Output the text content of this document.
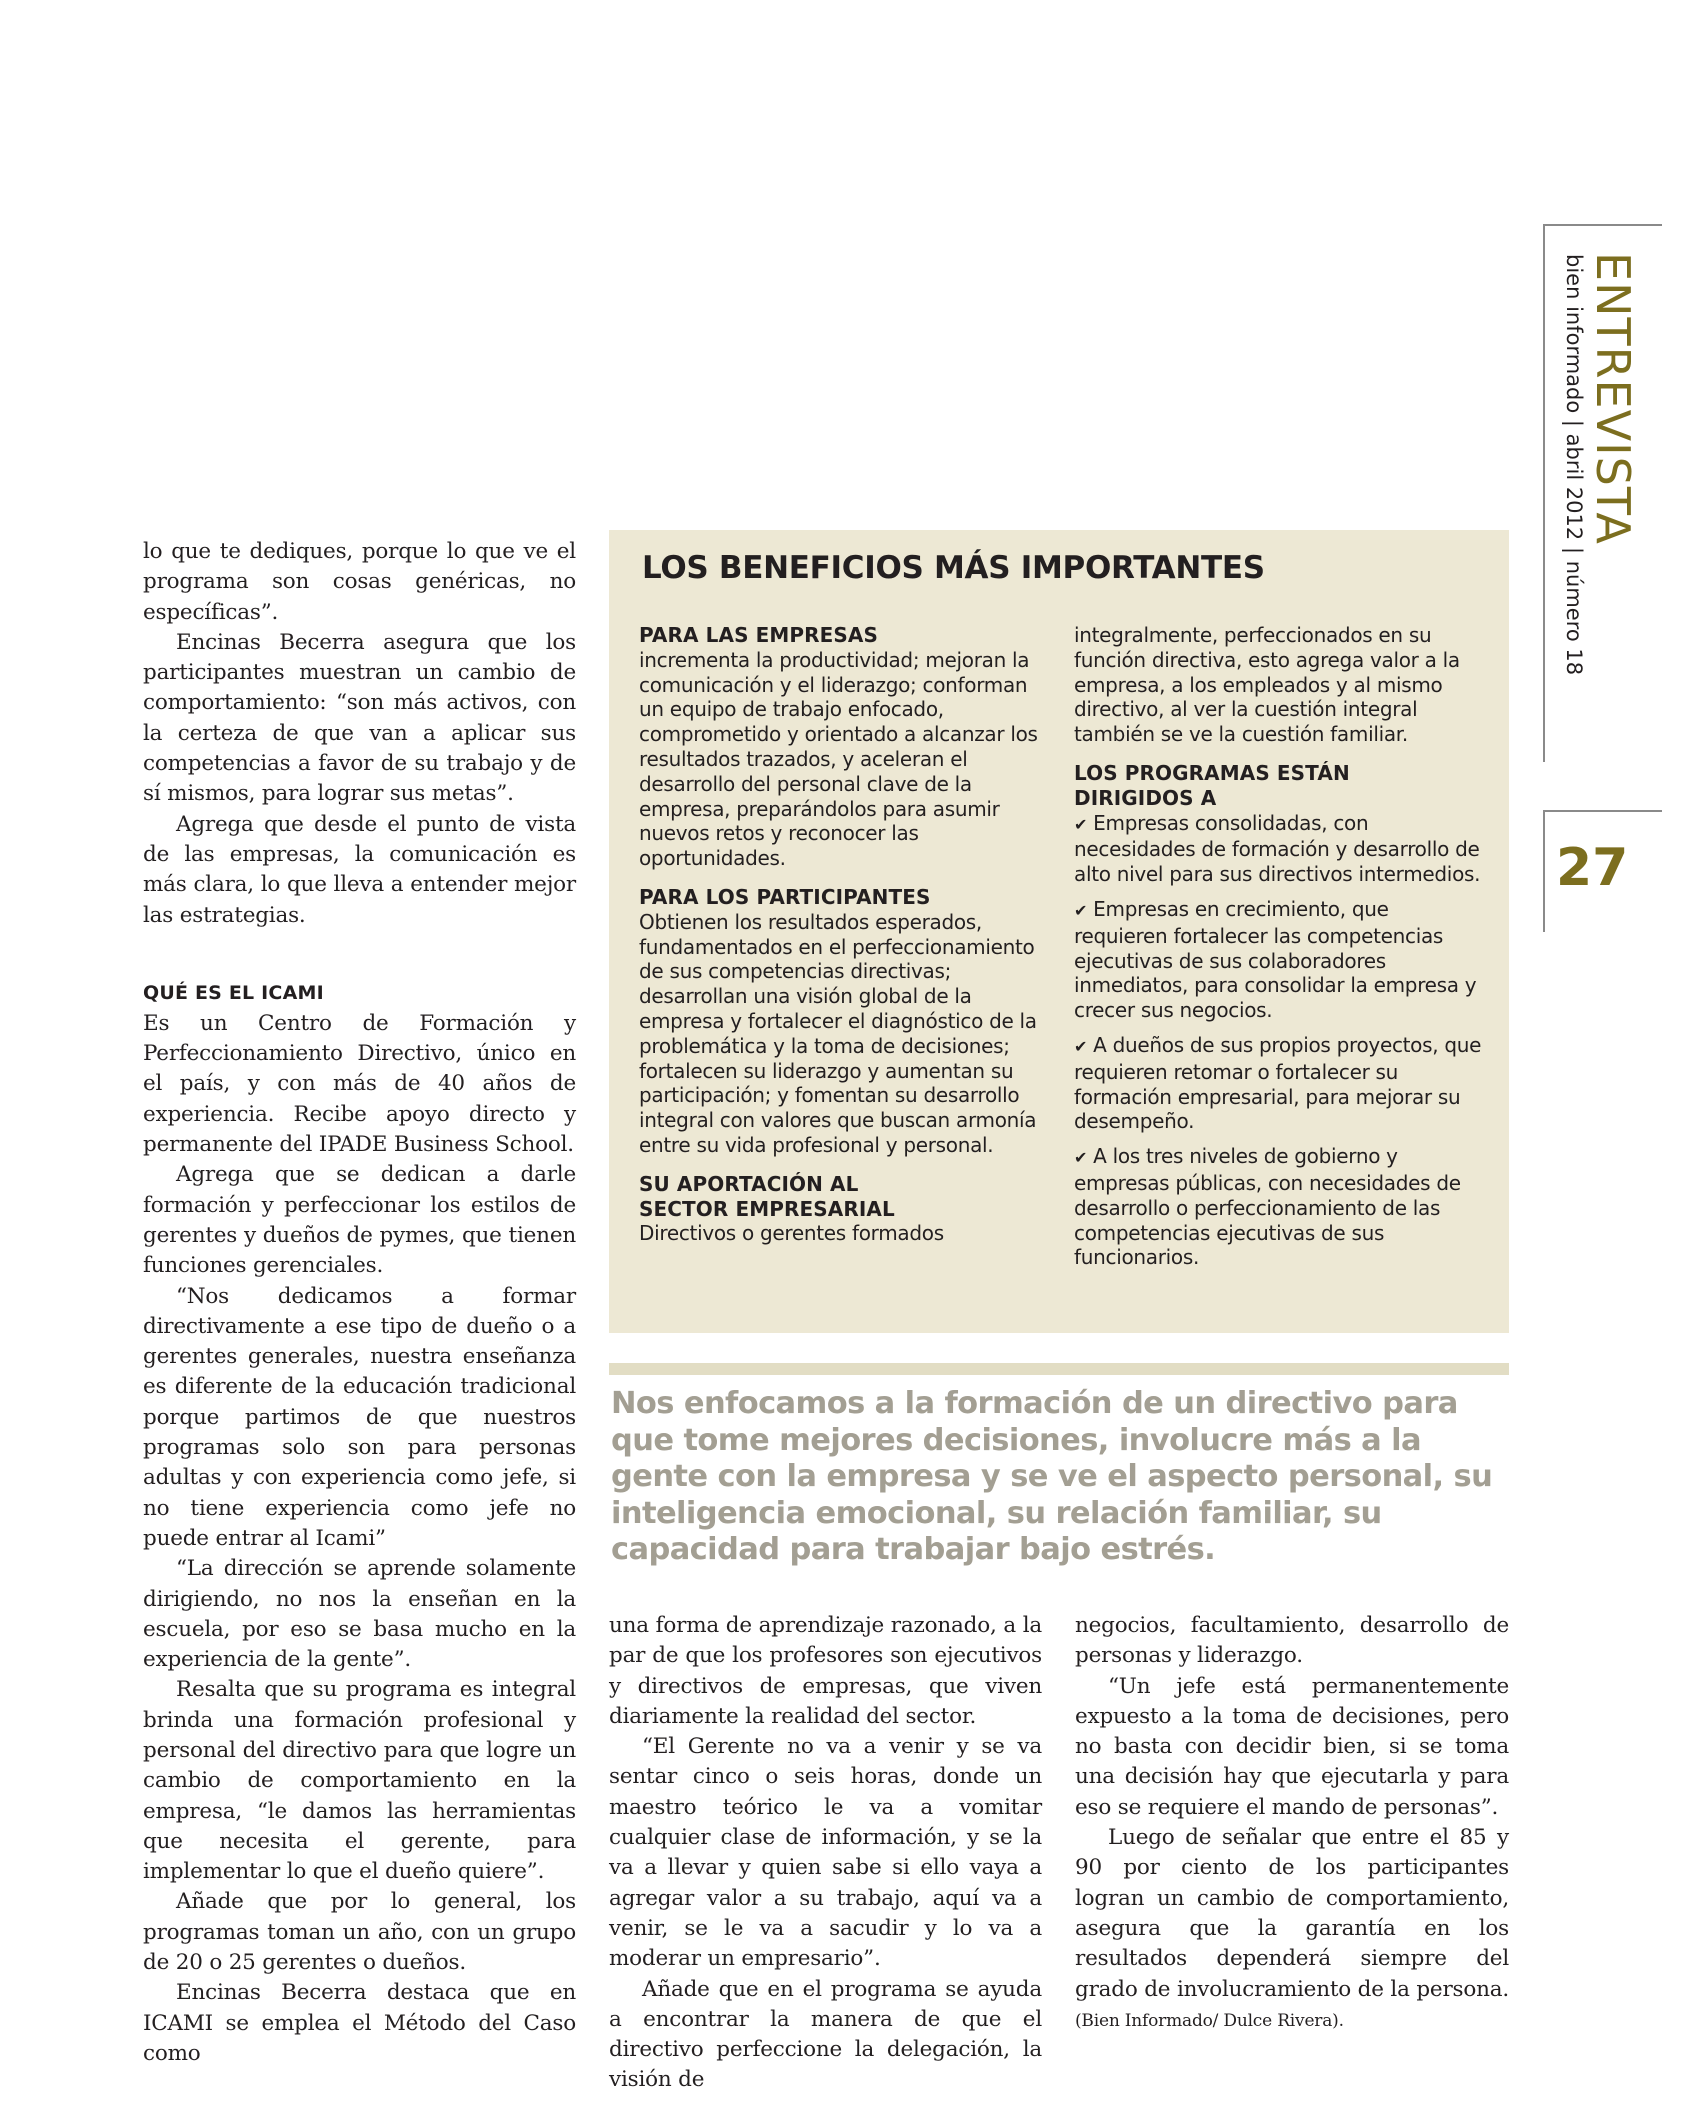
ENTREVISTA
bien informado | abril 2012 | número 18
27

lo que te dediques, porque lo que ve el programa son cosas genéricas, no específicas”.

Encinas Becerra asegura que los participantes muestran un cambio de comportamiento: “son más activos, con la certeza de que van a aplicar sus competencias a favor de su trabajo y de sí mismos, para lograr sus metas”.

Agrega que desde el punto de vista de las empresas, la comunicación es más clara, lo que lleva a entender mejor las estrategias.

QUÉ ES EL ICAMI

Es un Centro de Formación y Perfeccionamiento Directivo, único en el país, y con más de 40 años de experiencia. Recibe apoyo directo y permanente del IPADE Business School.

Agrega que se dedican a darle formación y perfeccionar los estilos de gerentes y dueños de pymes, que tienen funciones gerenciales.

“Nos dedicamos a formar directivamente a ese tipo de dueño o a gerentes generales, nuestra enseñanza es diferente de la educación tradicional porque partimos de que nuestros programas solo son para personas adultas y con experiencia como jefe, si no tiene experiencia como jefe no puede entrar al Icami”

“La dirección se aprende solamente dirigiendo, no nos la enseñan en la escuela, por eso se basa mucho en la experiencia de la gente”.

Resalta que su programa es integral brinda una formación profesional y personal del directivo para que logre un cambio de comportamiento en la empresa, “le damos las herramientas que necesita el gerente, para implementar lo que el dueño quiere”.

Añade que por lo general, los programas toman un año, con un grupo de 20 o 25 gerentes o dueños.

Encinas Becerra destaca que en ICAMI se emplea el Método del Caso como

LOS BENEFICIOS MÁS IMPORTANTES
PARA LAS EMPRESAS

incrementa la productividad; mejoran la comunicación y el liderazgo; conforman un equipo de trabajo enfocado, comprometido y orientado a alcanzar los resultados trazados, y aceleran el desarrollo del personal clave de la empresa, preparándolos para asumir nuevos retos y reconocer las oportunidades.

PARA LOS PARTICIPANTES

Obtienen los resultados esperados, fundamentados en el perfeccionamiento de sus competencias directivas; desarrollan una visión global de la empresa y fortalecer el diagnóstico de la problemática y la toma de decisiones; fortalecen su liderazgo y aumentan su participación; y fomentan su desarrollo integral con valores que buscan armonía entre su vida profesional y personal.

SU APORTACIÓN AL SECTOR EMPRESARIAL

Directivos o gerentes formados

integralmente, perfeccionados en su función directiva, esto agrega valor a la empresa, a los empleados y al mismo directivo, al ver la cuestión integral también se ve la cuestión familiar.

LOS PROGRAMAS ESTÁN DIRIGIDOS A

✔ Empresas consolidadas, con necesidades de formación y desarrollo de alto nivel para sus directivos intermedios.

✔ Empresas en crecimiento, que requieren fortalecer las competencias ejecutivas de sus colaboradores inmediatos, para consolidar la empresa y crecer sus negocios.

✔ A dueños de sus propios proyectos, que requieren retomar o fortalecer su formación empresarial, para mejorar su desempeño.

✔ A los tres niveles de gobierno y empresas públicas, con necesidades de desarrollo o perfeccionamiento de las competencias ejecutivas de sus funcionarios.

Nos enfocamos a la formación de un directivo para que tome mejores decisiones, involucre más a la gente con la empresa y se ve el aspecto personal, su inteligencia emocional, su relación familiar, su capacidad para trabajar bajo estrés.

una forma de aprendizaje razonado, a la par de que los profesores son ejecutivos y directivos de empresas, que viven diariamente la realidad del sector.

“El Gerente no va a venir y se va sentar cinco o seis horas, donde un maestro teórico le va a vomitar cualquier clase de información, y se la va a llevar y quien sabe si ello vaya a agregar valor a su trabajo, aquí va a venir, se le va a sacudir y lo va a moderar un empresario”.

Añade que en el programa se ayuda a encontrar la manera de que el directivo perfeccione la delegación, la visión de

negocios, facultamiento, desarrollo de personas y liderazgo.

“Un jefe está permanentemente expuesto a la toma de decisiones, pero no basta con decidir bien, si se toma una decisión hay que ejecutarla y para eso se requiere el mando de personas”.

Luego de señalar que entre el 85 y 90 por ciento de los participantes logran un cambio de comportamiento, asegura que la garantía en los resultados dependerá siempre del grado de involucramiento de la persona. (Bien Informado/ Dulce Rivera).
